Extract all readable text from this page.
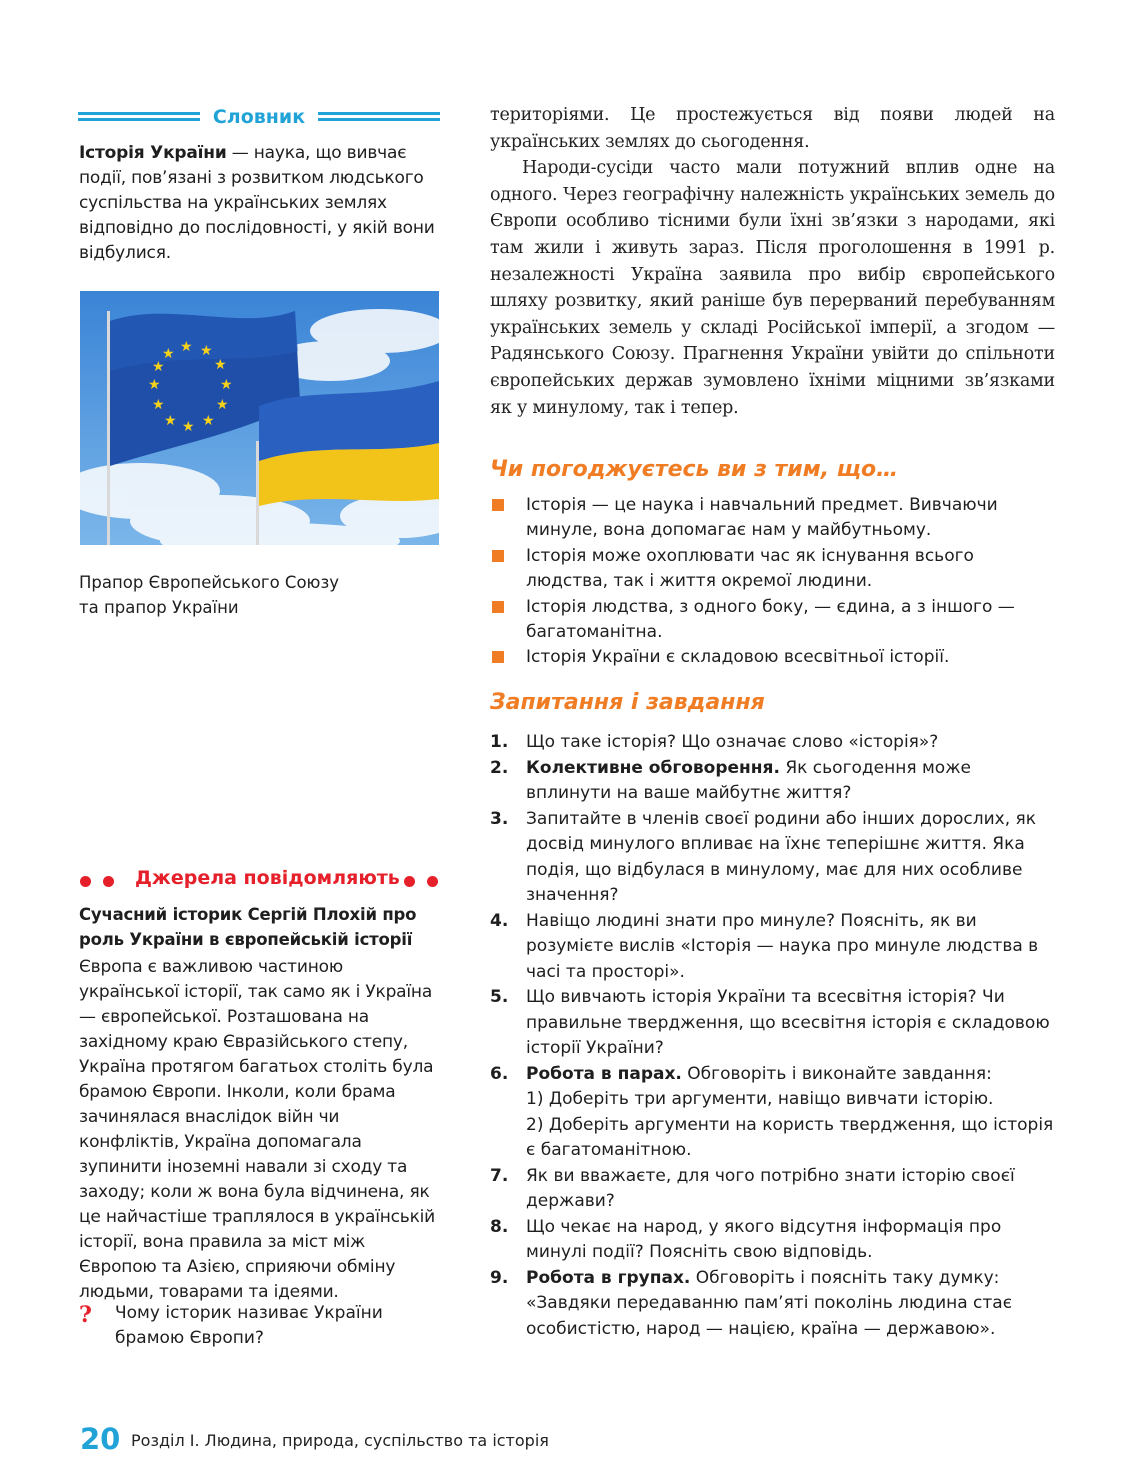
Словник
Історія України — наука, що вивчає події, пов’язані з розвитком людського суспільства на українських землях відповідно до послідовності, у якій вони відбулися.
★ ★ ★
★
★
★
★
★
★
★
★
★
Прапор Європейського Союзу
та прапор України
Джерела повідомляють
Сучасний історик Сергій Плохій про роль України в європейській історії
Європа є важливою частиною української історії, так само як і Україна — європейської. Розташована на західному краю Євразійського степу, Україна протягом багатьох століть була брамою Європи. Інколи, коли брама зачинялася внаслідок війн чи конфліктів, Україна допомагала зупинити іноземні навали зі сходу та заходу; коли ж вона була відчинена, як це найчастіше траплялося в українській історії, вона правила за міст між Європою та Азією, сприяючи обміну людьми, товарами та ідеями.
? Чому історик називає України брамою Європи?

територіями. Це простежується від появи людей на українських землях до сьогодення.

Народи-сусіди часто мали потужний вплив одне на одного. Через географічну належність українських земель до Європи особливо тісними були їхні зв’язки з народами, які там жили і живуть зараз. Після проголошення в 1991 р. незалежності Україна заявила про вибір європейського шляху розвитку, який раніше був перерваний перебуванням українських земель у складі Російської імперії, а згодом — Радянського Союзу. Прагнення України увійти до спільноти європейських держав зумовлено їхніми міцними зв’язками як у минулому, так і тепер.

Чи погоджуєтесь ви з тим, що…
Історія — це наука і навчальний предмет. Вивчаючи минуле, вона допомагає нам у майбутньому.
Історія може охоплювати час як існування всього людства, так і життя окремої людини.
Історія людства, з одного боку, — єдина, а з іншого — багатоманітна.
Історія України є складовою всесвітньої історії.
Запитання і завдання
1. Що таке історія? Що означає слово «історія»?
2. Колективне обговорення. Як сьогодення може вплинути на ваше майбутнє життя?
3. Запитайте в членів своєї родини або інших дорослих, як досвід минулого впливає на їхнє теперішнє життя. Яка подія, що відбулася в минулому, має для них особливе значення?
4. Навіщо людині знати про минуле? Поясніть, як ви розумієте вислів «Історія — наука про минуле людства в часі та просторі».
5. Що вивчають історія України та всесвітня історія? Чи правильне твердження, що всесвітня історія є складовою історії України?
6. Робота в парах. Обговоріть і виконайте завдання:
1) Доберіть три аргументи, навіщо вивчати історію.
2) Доберіть аргументи на користь твердження, що історія є багатоманітною.
7. Як ви вважаєте, для чого потрібно знати історію своєї держави?
8. Що чекає на народ, у якого відсутня інформація про минулі події? Поясніть свою відповідь.
9. Робота в групах. Обговоріть і поясніть таку думку: «Завдяки передаванню пам’яті поколінь людина стає особистістю, народ — нацією, країна — державою».
20 Розділ І. Людина, природа, суспільство та історія
